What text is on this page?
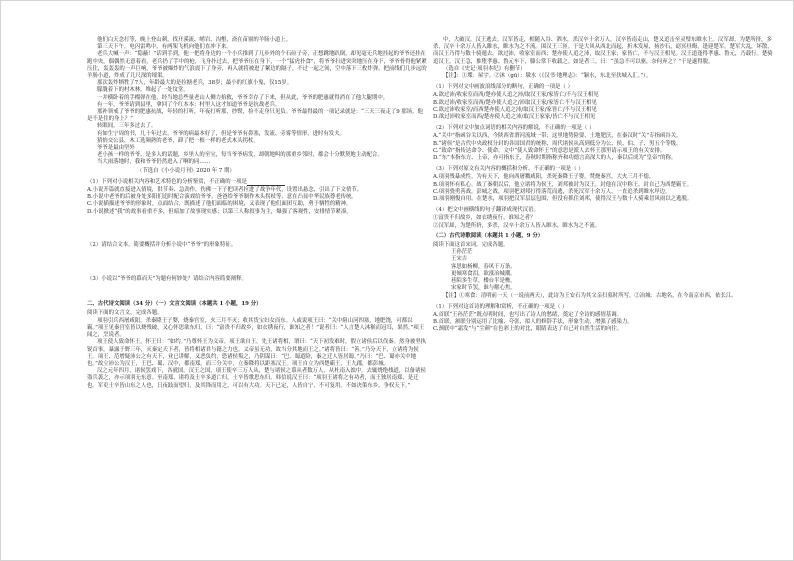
他们白天念打等，晚上登山刺，找开溪流、峭岩、沟壑，斋在苗窗的羊肠小道上。

第三天下午，电闪雷鸣中，有两架飞机向他们直冲下来。

老兵大喊一声：“隐蔽！”话到手到，他一把将身边的一个小兵推到了几步外的个石砬子旁，正想跳地趴倒，却见毫无兵地挂起的爷爷还挂在跑中央，偶偶然无意着看，老兵扔了手中的枪，飞身扑过去，把爷爷压在身下，一个“猛虎扑食”，将爷爷扫进突突地压在身下，爷爷骨得他紧紧压住，轰轰轰的一声巨响，爷爷被爆炸的气浪震下了身旁，再入就将被进了絮边的隔子。不过一起之间，空中落下三枚炸弹，把前线们几步远的羊肠小道，炸成了几尺深的壕渠。

那次轰炸牺牲了7人，年龄最大的是拉搪老兵，38岁；最小的红旗小鬼，仅15岁。

朦胧着下的村木林，堆起了一处坟堂。

一并横卧着的手榴弹在他，经当地总些量老山人侧力抬救，爷爷幸存了下来，但从此，爷爷的肥惠就得消在了他大腿期中。

有一年，爷爷请到县里，拿回了个红本本：村里人这才知道爷爷是抗战老兵。

那补领戒了爷爷的肥惠抗战，年轻的打听，年夜打听那，抄锲，捡不走身只见负。爷爷最得最的一项记录就是：“三天三夜走了9 那场，他是不是住的身上？”

转眼间，三年多过去了。

有如生宁周的书，几十年过去，爷爷的病最本好了，但是爷爷有鼻塞，发流、旁雾等情形，进时有发夫。

猜怡交公县，木工选频熟的老爷，卸了把一根一样的老式木头拐杖。

爷爷是最由坚外

老小孩一样的爷爷，是多人的话题，乡里人的至宝，每当爷爷病发，却朝地叫的那重乡邻时，都会十分默契地主动配合。

当大雨落地时，我和爷爷仍然进入了啊的同……

（节选自《小小说月刊》2020 年 7 期）

（1）下列对小说相关内容和艺术特色的分析鉴赏，不正确的一项是

A.小说开篇就直接进入情境，供节奏、急劲作，伤佛一下子把读者拉进了战争年代，设置出悬念，引出了下文情节。

B.小说中老爷的后被身处多阳们追时配合演戏给爷爷，爸爸给爷爷制作木头拐杖等，意在凸显中华民族尊老传统。

C.小说插描述爷爷的形象时，点面结合，既描述了他们面临的困境，又表现了他们面团互助，勇于牺牲的精神。

D.小说掀述“我”的故事看重不多，但暗加了故事现实感；以第三人称叙事为主，爆强了客观性，安排情节紧凑。

（2）请结合文本，简要概括并分析小说中“爷爷”的形象特征。

（3）小说以“爷爷的幕而天”为题有何妙处？请结合内容简要阐释。

二、古代诗文阅读（34 分）（一）文言文阅读（本题共 1 小题，19 分）

阅读下面的文言文，完成各题。

项羽引兵西屠咸阳，杀秦降王子婴，烧秦宫室，火三月不灭；收其货宝妇女而东。人或说项王曰：“关中阻山河四塞，地肥饶，可都以霸。”项王见秦宫室皆以烧残破，又心怀思欲东归，曰：“富贵不归故乡，如衣绣夜行，谁知之者！”说者曰：“人言楚人沐猴而冠耳，果然。”项王闻之，烹说者。

项王使人致命怀王，怀王曰：“如约。”乃尊怀王为义帝。项王欲自王，先王诸将相，谓曰：“天下初发难时，假立诸侯后以伐秦。然身被坚执锐首事，暴露于野三年，灭秦定天下者，皆将相诸君与籍之力也。义帝虽无功，故当分其地而王之。”诸将皆曰：“善。”乃分天下，立诸将为侯王。项王、范增疑沛公之有天下，业已讲解，又恶负约，恐诸侯叛之，乃阴谋曰：“巴、蜀道险，秦之迁人皆居蜀。”乃曰：“巴、蜀亦关中地也。”故立沛公为汉王，王巴、蜀、汉中，都南郑。而三分关中，立秦降将以距塞汉王。项王自立为西楚霸王，王九郡，都彭城。

汉之元年四月，诸侯罢戏下，各就国。汉王之国，项王使卒三万人从，楚与诸侯之慕从者数万人，从杜南入蚀中。去辄烧绝栈道，以备诸侯盗兵袭之，亦示项羽无东意。至南郑，诸将及士卒多道亡归，士卒皆歌思东归。韩信说汉王曰：“项羽王诸将之有功者，而王独居南郑，是迁也。军吏士卒皆山东之人也，日夜跂而望归，及其锋而用之，可以有大功。天下已定，人皆自宁，不可复用。不如决策东乡，争权天下。”

中，大破汉。汉王逃去。汉军皆走，相随入谷、泗水，杀汉卒十余万人。汉卒皆南走山，楚又追击至灵璧东睢水上。汉军却，为楚所挤，多杀，汉卒十余万人皆入睢水，睢水为之不流。围汉王三匝。于是大风从西北而起，折木发屋，扬沙石，窈冥昼晦，逢迎楚军。楚军大乱，坏散，而汉王乃得与数十骑遁去。欲过沛，收家室而西；楚亦使人追之沛，取汉王家；家皆亡，不与汉王相见。汉王道逢得孝惠、鲁元，乃载行。楚骑追汉王，汉王急，推堕孝惠、鲁元车下，滕公常下收载之。如是者三。曰：“虽急不可以驱，奈何弃之？”于是遂得脱。

（选自《史记·项羽本纪》有删节）

【注】：①堞：屋宇。②沐（gū）：墩水（《汉书·地理志》：“颖水，东北至扶城入汇。”）。

（1）下列对文中画波浪线部分的断句，正确的一项是（ ）

A.欲过沛/收家室而西/楚亦使人追之沛/取汉王家/家皆亡/不与汉王相见

B.欲过沛/收家室而西/楚亦使人追之/沛取汉王家/家皆亡不与汉王相见

C.欲过沛收家室/而西楚亦使人追之沛/取汉王家/家皆亡/不与汉王相见

D.欲过沛收家室而西/楚亦使人追之沛/取汉王家家/皆亡不与汉王相见

（2）下列对文中加点词语的相关内容的解说，不正确的一项是（ ）

A.“关中”指函谷关以西，今陕西省渭河流域一带；这里地势险要，土地肥沃，在秦汉时“关”专指函谷关。

B.“诸侯”是古代中央政权分封的各国国君的统称，周代诸侯从高到低分为公、侯、伯、子、男五个等级。

C.“致命”指传达命令、使命。文中“使人致命怀王”的意思是派人去怀王那里请示项王的有关安排。

D.“东”本指东方、上帝，亦可指东王，春秋时期指称齐和功德言高深大的人，秦以后成为“皇帝”的称。

（3）下列对原文有关内容的概括和分析，不正确的一项是（ ）

A.项羽残暴成性。为有天下，他向西屠戮咸阳，杀死秦降王子婴，焚烧秦宫，大火三月不熄。

B.项羽怀有私心。战了秦朝以后，他立诸将为侯王，刘邦被封为汉王，封他在汉中称王，封自己为西楚霸王。

C.项羽骁勇善战。彭城之战，项羽把刘邦打得落荒而逃，杀死汉军十余万人，一直追杀到睢水岸边。

D.项羽刚愎自用。在楚水，项羽把汉军层层包围，但没有抓住刘邦，使得汉王与数十人骑乘冒风雨以之逃脱。

（4）把文中画横线的句子翻译成现代汉语。

①富贵不归故乡，如衣绣夜行，谁知之者？

②汉军却，为楚所挤，多杀，汉卒十余万人皆入睢水，睢水为之不流。

（二）古代诗歌阅读（本题共 1 小题，9 分）

阅读下面这首宋词，完成各题。

王孙茫茫

王宋吉

客思如杨柳，春风千万条。

更倾寒食泪，欲涨冶城潮。

巷陌多生草，楼台半是樵。

宋家时节罢，谁与解心焦。

【注】①寒食：清明前一天（一说前两天），此诗为王安石为其父亲扫墓时所写。②冶城：古地名，在今南京市西，依长江。

（1）下列对这首诗的理解和赏析，不正确的一项是（ ）

A.首联“王孙茫茫”既点明时间，也写出了诗人的愁绪，奠定了全诗的感情基调。

B.首联，颔联分别运用了比喻、夸张、拟人的修辞手法，形象生动，增强了感染力。

C.颈联中“霜发”与“尘颜”在色彩上的对比，眼睛表达了自己对自然生活的向往。
